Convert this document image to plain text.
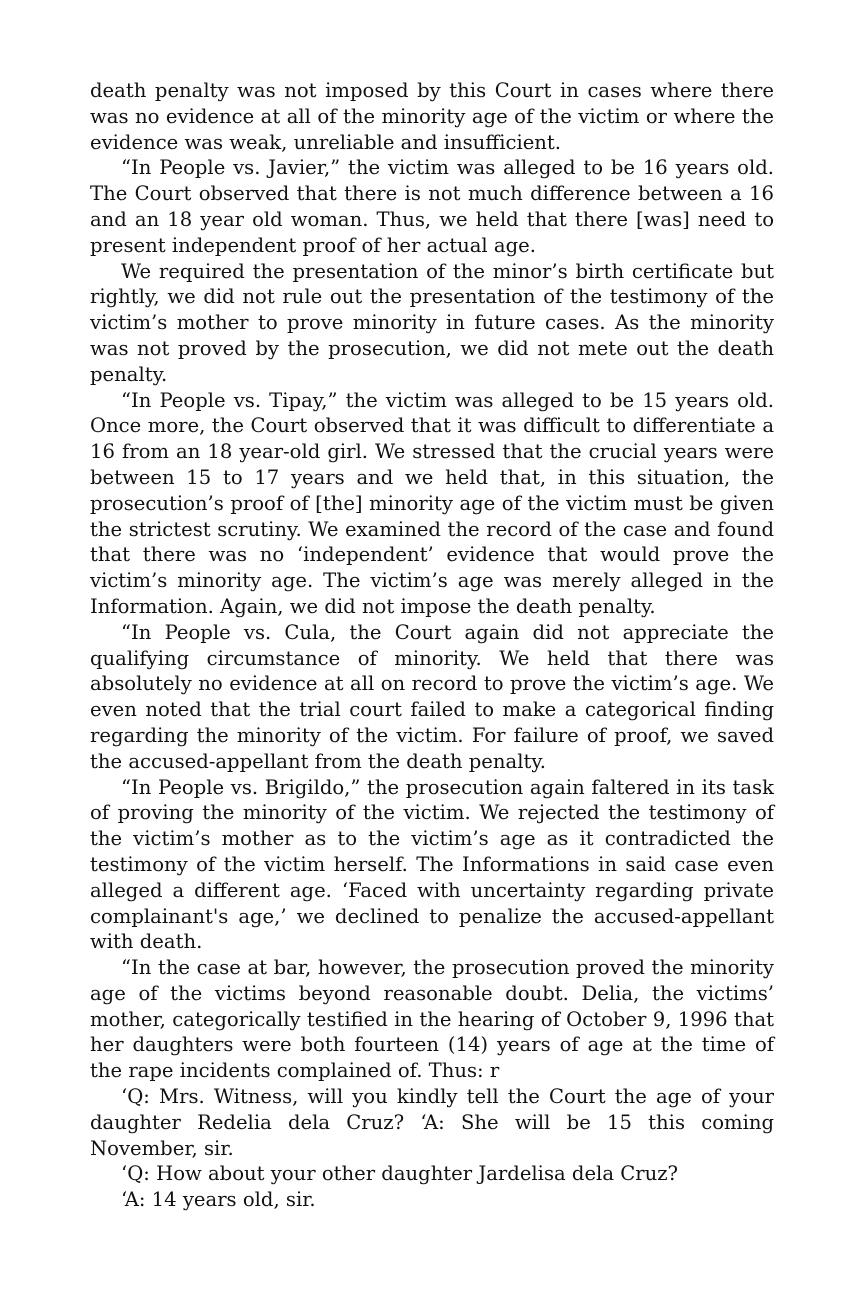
death penalty was not imposed by this Court in cases where there was no evidence at all of the minority age of the victim or where the evidence was weak, unreliable and insufficient.

“In People vs. Javier,” the victim was alleged to be 16 years old. The Court observed that there is not much difference between a 16 and an 18 year old woman. Thus, we held that there [was] need to present independent proof of her actual age.

We required the presentation of the minor’s birth certificate but rightly, we did not rule out the presentation of the testimony of the victim’s mother to prove minority in future cases. As the minority was not proved by the prosecution, we did not mete out the death penalty.

“In People vs. Tipay,” the victim was alleged to be 15 years old. Once more, the Court observed that it was difficult to differentiate a 16 from an 18 year-old girl. We stressed that the crucial years were between 15 to 17 years and we held that, in this situation, the prosecution’s proof of [the] minority age of the victim must be given the strictest scrutiny. We examined the record of the case and found that there was no ‘independent’ evidence that would prove the victim’s minority age. The victim’s age was merely alleged in the Information. Again, we did not impose the death penalty.

“In People vs. Cula, the Court again did not appreciate the qualifying circumstance of minority. We held that there was absolutely no evidence at all on record to prove the victim’s age. We even noted that the trial court failed to make a categorical finding regarding the minority of the victim. For failure of proof, we saved the accused-appellant from the death penalty.

“In People vs. Brigildo,” the prosecution again faltered in its task of proving the minority of the victim. We rejected the testimony of the victim’s mother as to the victim’s age as it contradicted the testimony of the victim herself. The Informations in said case even alleged a different age. ‘Faced with uncertainty regarding private complainant's age,’ we declined to penalize the accused-appellant with death.

“In the case at bar, however, the prosecution proved the minority age of the victims beyond reasonable doubt. Delia, the victims’ mother, categorically testified in the hearing of October 9, 1996 that her daughters were both fourteen (14) years of age at the time of the rape incidents complained of. Thus: r

‘Q: Mrs. Witness, will you kindly tell the Court the age of your daughter Redelia dela Cruz? ‘A: She will be 15 this coming November, sir.

‘Q: How about your other daughter Jardelisa dela Cruz?

‘A: 14 years old, sir.
